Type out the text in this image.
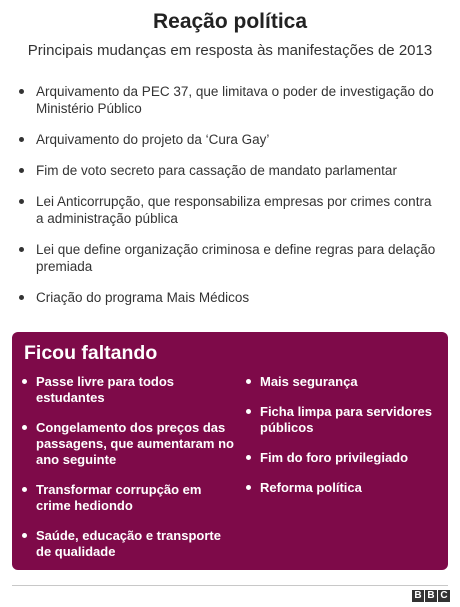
Reação política
Principais mudanças em resposta às manifestações de 2013
Arquivamento da PEC 37, que limitava o poder de investigação do Ministério Público
Arquivamento do projeto da ‘Cura Gay’
Fim de voto secreto para cassação de mandato parlamentar
Lei Anticorrupção, que responsabiliza empresas por crimes contra a administração pública
Lei que define organização criminosa e define regras para delação premiada
Criação do programa Mais Médicos
Ficou faltando
Passe livre para todos estudantes
Congelamento dos preços das passagens, que aumentaram no ano seguinte
Transformar corrupção em crime hediondo
Saúde, educação e transporte de qualidade
Mais segurança
Ficha limpa para servidores públicos
Fim do foro privilegiado
Reforma política
B B C
